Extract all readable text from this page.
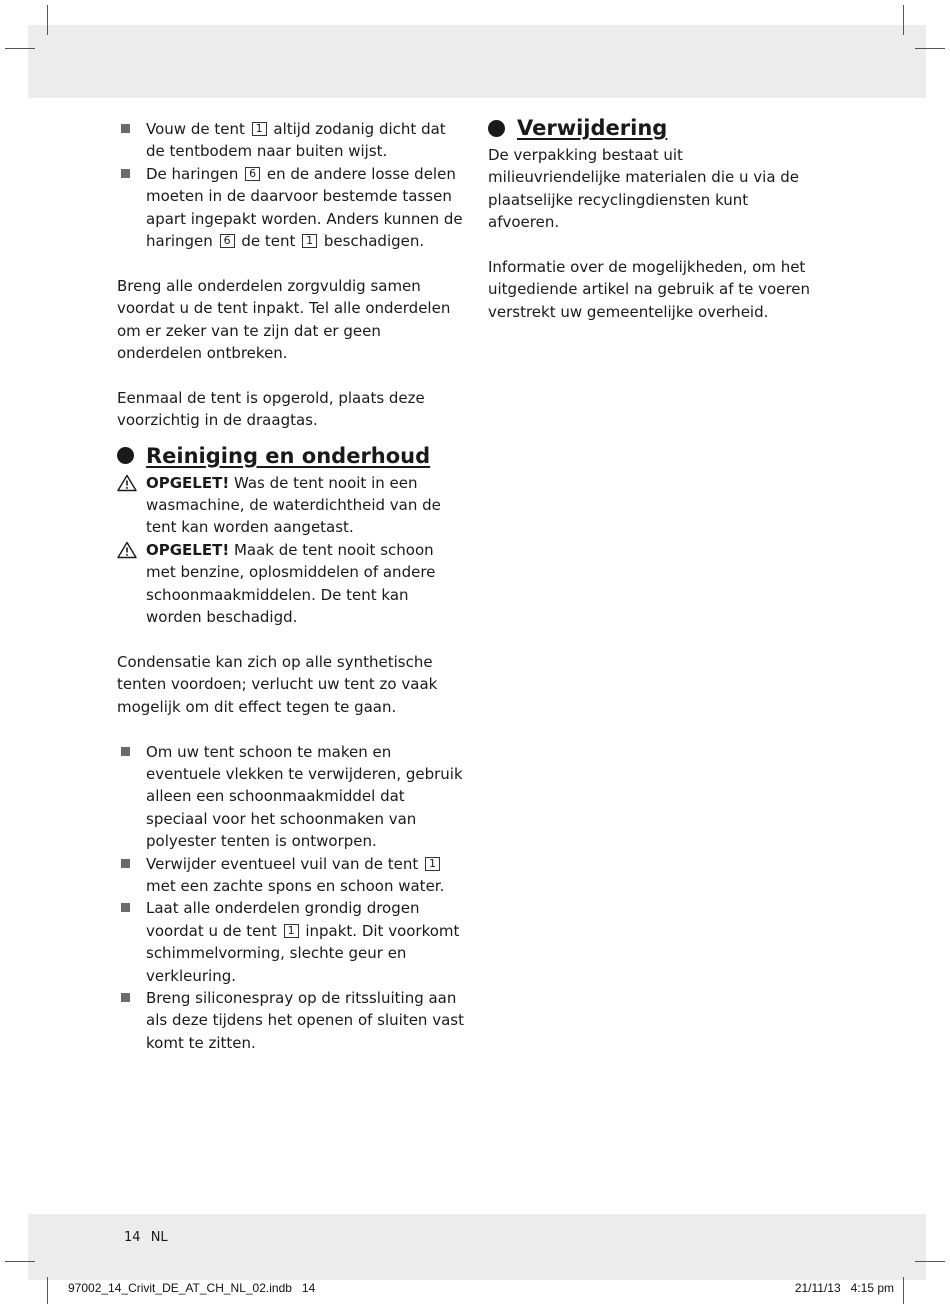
Vouw de tent 1 altijd zodanig dicht dat de tentbodem naar buiten wijst.
De haringen 6 en de andere losse delen moeten in de daarvoor bestemde tassen apart ingepakt worden. Anders kunnen de haringen 6 de tent 1 beschadigen.

Breng alle onderdelen zorgvuldig samen voordat u de tent inpakt. Tel alle onderdelen om er zeker van te zijn dat er geen onderdelen ontbreken.

Eenmaal de tent is opgerold, plaats deze voorzichtig in de draagtas.

Reiniging en onderhoud
OPGELET! Was de tent nooit in een wasmachine, de waterdichtheid van de tent kan worden aangetast.
OPGELET! Maak de tent nooit schoon met benzine, oplosmiddelen of andere schoonmaakmiddelen. De tent kan worden beschadigd.

Condensatie kan zich op alle synthetische tenten voordoen; verlucht uw tent zo vaak mogelijk om dit effect tegen te gaan.

Om uw tent schoon te maken en eventuele vlekken te verwijderen, gebruik alleen een schoonmaakmiddel dat speciaal voor het schoonmaken van polyester tenten is ontworpen.
Verwijder eventueel vuil van de tent 1 met een zachte spons en schoon water.
Laat alle onderdelen grondig drogen voordat u de tent 1 inpakt. Dit voorkomt schimmelvorming, slechte geur en verkleuring.
Breng siliconespray op de ritssluiting aan als deze tijdens het openen of sluiten vast komt te zitten.
Verwijdering

De verpakking bestaat uit milieuvriendelijke materialen die u via de plaatselijke recyclingdiensten kunt afvoeren.

Informatie over de mogelijkheden, om het uitgediende artikel na gebruik af te voeren verstrekt uw gemeentelijke overheid.

14 NL
97002_14_Crivit_DE_AT_CH_NL_02.indb   14	21/11/13   4:15 pm
